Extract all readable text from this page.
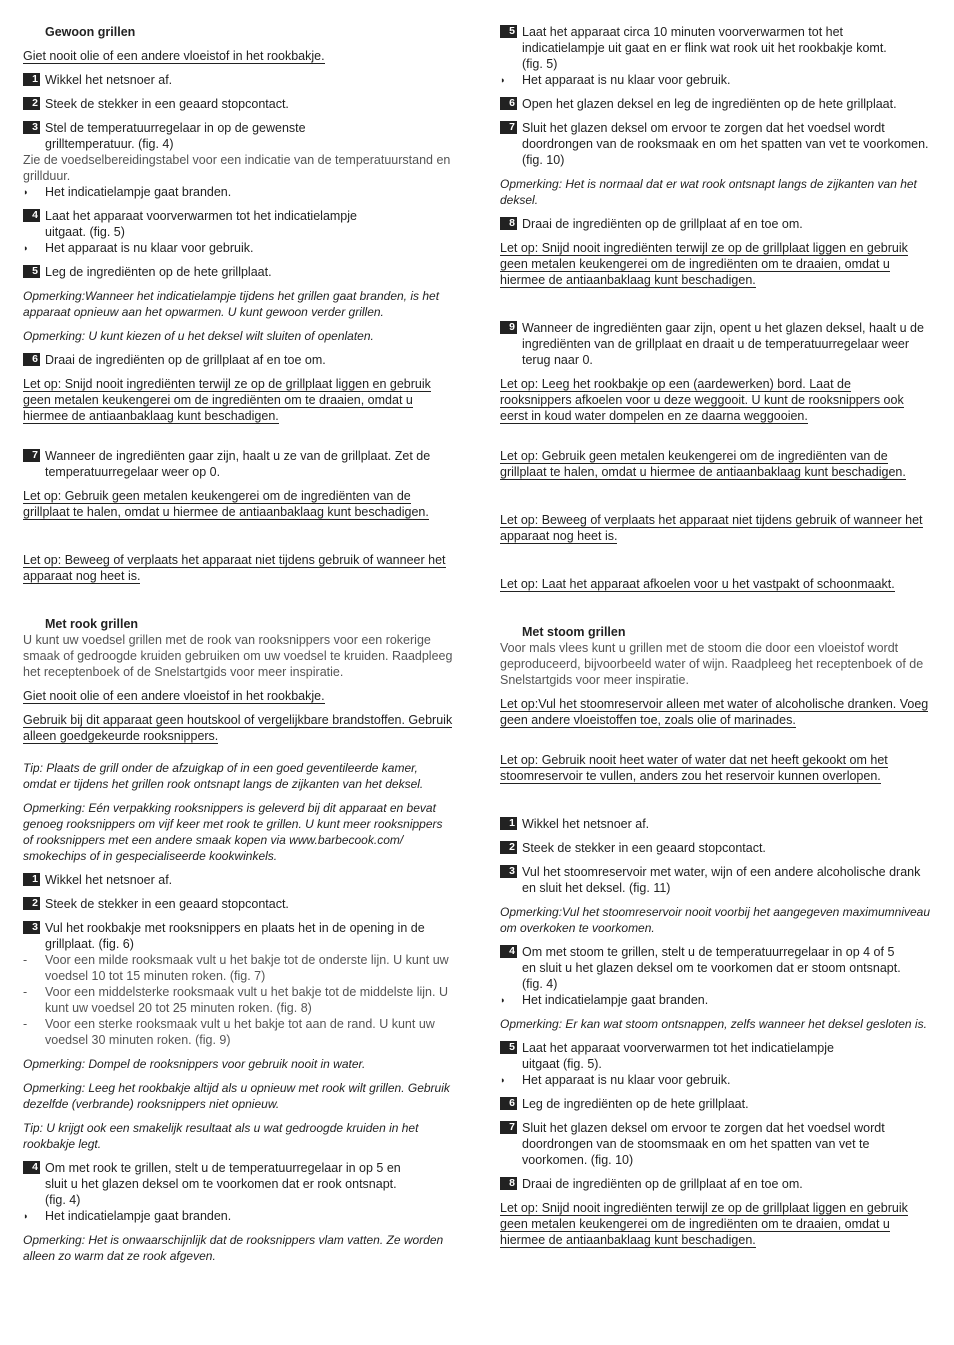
Gewoon grillen
Giet nooit olie of een andere vloeistof in het rookbakje.
1 Wikkel het netsnoer af.
2 Steek de stekker in een geaard stopcontact.
3 Stel de temperatuurregelaar in op de gewenste grilltemperatuur. (fig. 4)
Zie de voedselbereidingstabel voor een indicatie van de temperatuurstand en grillduur.
◗	Het indicatielampje gaat branden.
4 Laat het apparaat voorverwarmen tot het indicatielampje uitgaat. (fig. 5)
◗	Het apparaat is nu klaar voor gebruik.
5 Leg de ingrediënten op de hete grillplaat.
Opmerking:Wanneer het indicatielampje tijdens het grillen gaat branden, is het apparaat opnieuw aan het opwarmen. U kunt gewoon verder grillen.
Opmerking: U kunt kiezen of u het deksel wilt sluiten of openlaten.
6 Draai de ingrediënten op de grillplaat af en toe om.
Let op: Snijd nooit ingrediënten terwijl ze op de grillplaat liggen en gebruik geen metalen keukengerei om de ingrediënten om te draaien, omdat u hiermee de antiaanbaklaag kunt beschadigen.
7 Wanneer de ingrediënten gaar zijn, haalt u ze van de grillplaat. Zet de temperatuurregelaar weer op 0.
Let op: Gebruik geen metalen keukengerei om de ingrediënten van de grillplaat te halen, omdat u hiermee de antiaanbaklaag kunt beschadigen.
Let op: Beweeg of verplaats het apparaat niet tijdens gebruik of wanneer het apparaat nog heet is.
Met rook grillen
U kunt uw voedsel grillen met de rook van rooksnippers voor een rokerige smaak of gedroogde kruiden gebruiken om uw voedsel te kruiden. Raadpleeg het receptenboek of de Snelstartgids voor meer inspiratie.
Giet nooit olie of een andere vloeistof in het rookbakje.
Gebruik bij dit apparaat geen houtskool of vergelijkbare brandstoffen. Gebruik alleen goedgekeurde rooksnippers.
Tip: Plaats de grill onder de afzuigkap of in een goed geventileerde kamer, omdat er tijdens het grillen rook ontsnapt langs de zijkanten van het deksel.
Opmerking: Eén verpakking rooksnippers is geleverd bij dit apparaat en bevat genoeg rooksnippers om vijf keer met rook te grillen. U kunt meer rooksnippers of rooksnippers met een andere smaak kopen via www.barbecook.com/ smokechips of in gespecialiseerde kookwinkels.
1 Wikkel het netsnoer af.
2 Steek de stekker in een geaard stopcontact.
3 Vul het rookbakje met rooksnippers en plaats het in de opening in de grillplaat. (fig. 6)
-	Voor een milde rooksmaak vult u het bakje tot de onderste lijn. U kunt uw voedsel 10 tot 15 minuten roken. (fig. 7)
-	Voor een middelsterke rooksmaak vult u het bakje tot de middelste lijn. U kunt uw voedsel 20 tot 25 minuten roken. (fig. 8)
-	Voor een sterke rooksmaak vult u het bakje tot aan de rand. U kunt uw voedsel 30 minuten roken. (fig. 9)
Opmerking: Dompel de rooksnippers voor gebruik nooit in water.
Opmerking: Leeg het rookbakje altijd als u opnieuw met rook wilt grillen. Gebruik dezelfde (verbrande) rooksnippers niet opnieuw.
Tip: U krijgt ook een smakelijk resultaat als u wat gedroogde kruiden in het rookbakje legt.
4 Om met rook te grillen, stelt u de temperatuurregelaar in op 5 en sluit u het glazen deksel om te voorkomen dat er rook ontsnapt. (fig. 4)
◗	Het indicatielampje gaat branden.
Opmerking: Het is onwaarschijnlijk dat de rooksnippers vlam vatten. Ze worden alleen zo warm dat ze rook afgeven.
5 Laat het apparaat circa 10 minuten voorverwarmen tot het indicatielampje uit gaat en er flink wat rook uit het rookbakje komt. (fig. 5)
◗	Het apparaat is nu klaar voor gebruik.
6 Open het glazen deksel en leg de ingrediënten op de hete grillplaat.
7 Sluit het glazen deksel om ervoor te zorgen dat het voedsel wordt doordrongen van de rooksmaak en om het spatten van vet te voorkomen. (fig. 10)
Opmerking: Het is normaal dat er wat rook ontsnapt langs de zijkanten van het deksel.
8 Draai de ingrediënten op de grillplaat af en toe om.
Let op: Snijd nooit ingrediënten terwijl ze op de grillplaat liggen en gebruik geen metalen keukengerei om de ingrediënten om te draaien, omdat u hiermee de antiaanbaklaag kunt beschadigen.
9 Wanneer de ingrediënten gaar zijn, opent u het glazen deksel, haalt u de ingrediënten van de grillplaat en draait u de temperatuurregelaar weer terug naar 0.
Let op: Leeg het rookbakje op een (aardewerken) bord. Laat de rooksnippers afkoelen voor u deze weggooit. U kunt de rooksnippers ook eerst in koud water dompelen en ze daarna weggooien.
Let op: Gebruik geen metalen keukengerei om de ingrediënten van de grillplaat te halen, omdat u hiermee de antiaanbaklaag kunt beschadigen.
Let op: Beweeg of verplaats het apparaat niet tijdens gebruik of wanneer het apparaat nog heet is.
Let op: Laat het apparaat afkoelen voor u het vastpakt of schoonmaakt.
Met stoom grillen
Voor mals vlees kunt u grillen met de stoom die door een vloeistof wordt geproduceerd, bijvoorbeeld water of wijn. Raadpleeg het receptenboek of de Snelstartgids voor meer inspiratie.
Let op:Vul het stoomreservoir alleen met water of alcoholische dranken. Voeg geen andere vloeistoffen toe, zoals olie of marinades.
Let op: Gebruik nooit heet water of water dat net heeft gekookt om het stoomreservoir te vullen, anders zou het reservoir kunnen overlopen.
1 Wikkel het netsnoer af.
2 Steek de stekker in een geaard stopcontact.
3 Vul het stoomreservoir met water, wijn of een andere alcoholische drank en sluit het deksel. (fig. 11)
Opmerking:Vul het stoomreservoir nooit voorbij het aangegeven maximumniveau om overkoken te voorkomen.
4 Om met stoom te grillen, stelt u de temperatuurregelaar in op 4 of 5 en sluit u het glazen deksel om te voorkomen dat er stoom ontsnapt. (fig. 4)
◗	Het indicatielampje gaat branden.
Opmerking: Er kan wat stoom ontsnappen, zelfs wanneer het deksel gesloten is.
5 Laat het apparaat voorverwarmen tot het indicatielampje uitgaat (fig. 5).
◗	Het apparaat is nu klaar voor gebruik.
6 Leg de ingrediënten op de hete grillplaat.
7 Sluit het glazen deksel om ervoor te zorgen dat het voedsel wordt doordrongen van de stoomsmaak en om het spatten van vet te voorkomen. (fig. 10)
8 Draai de ingrediënten op de grillplaat af en toe om.
Let op: Snijd nooit ingrediënten terwijl ze op de grillplaat liggen en gebruik geen metalen keukengerei om de ingrediënten om te draaien, omdat u hiermee de antiaanbaklaag kunt beschadigen.
